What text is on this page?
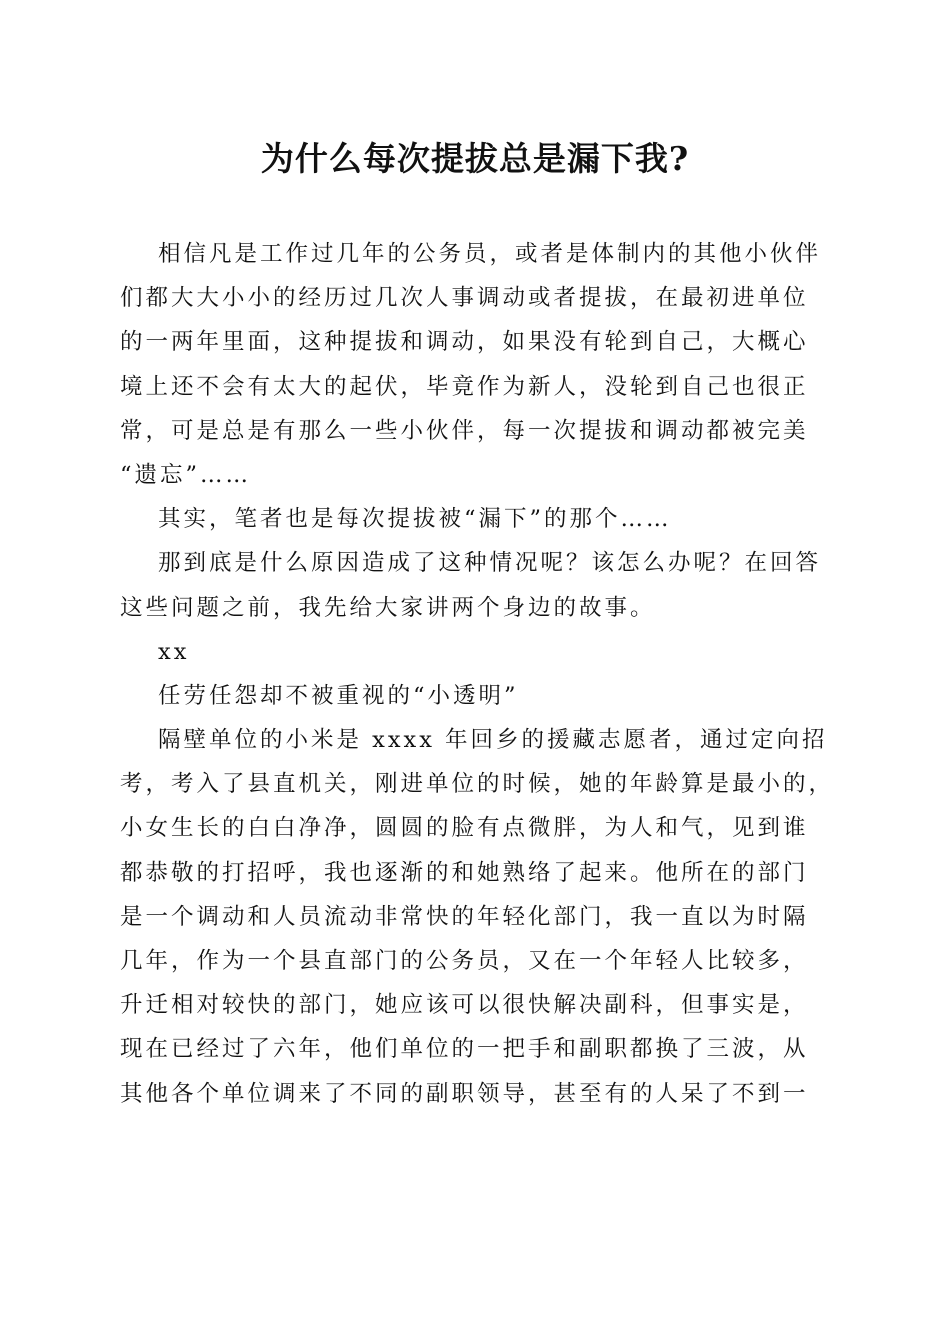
为什么每次提拔总是漏下我?
相信凡是工作过几年的公务员，或者是体制内的其他小伙伴
们都大大小小的经历过几次人事调动或者提拔，在最初进单位
的一两年里面，这种提拔和调动，如果没有轮到自己，大概心
境上还不会有太大的起伏，毕竟作为新人，没轮到自己也很正
常，可是总是有那么一些小伙伴，每一次提拔和调动都被完美
“遗忘”……
其实，笔者也是每次提拔被“漏下”的那个……
那到底是什么原因造成了这种情况呢？该怎么办呢？在回答
这些问题之前，我先给大家讲两个身边的故事。
xx
任劳任怨却不被重视的“小透明”
隔壁单位的小米是 xxxx 年回乡的援藏志愿者，通过定向招
考，考入了县直机关，刚进单位的时候，她的年龄算是最小的，
小女生长的白白净净，圆圆的脸有点微胖，为人和气，见到谁
都恭敬的打招呼，我也逐渐的和她熟络了起来。他所在的部门
是一个调动和人员流动非常快的年轻化部门，我一直以为时隔
几年，作为一个县直部门的公务员，又在一个年轻人比较多，
升迁相对较快的部门，她应该可以很快解决副科，但事实是，
现在已经过了六年，他们单位的一把手和副职都换了三波，从
其他各个单位调来了不同的副职领导，甚至有的人呆了不到一
